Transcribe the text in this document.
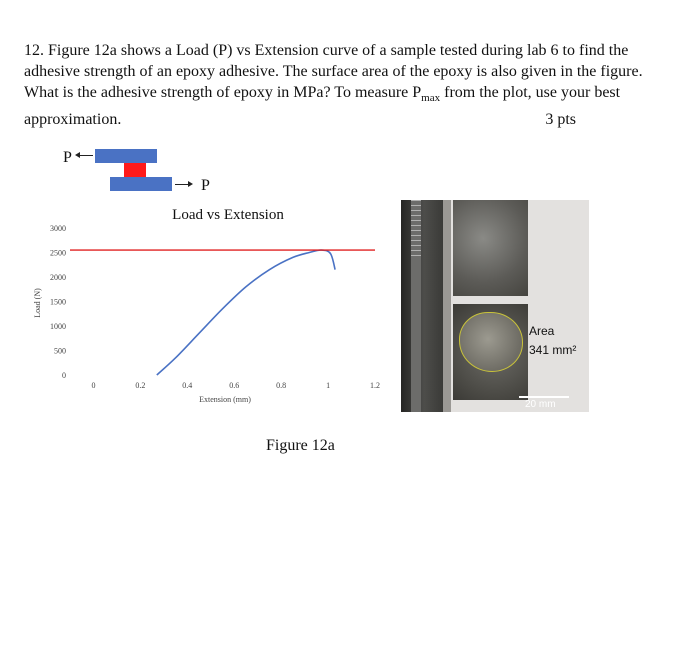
12. Figure 12a shows a Load (P) vs Extension curve of a sample tested during lab 6 to find the
adhesive strength of an epoxy adhesive. The surface area of the epoxy is also given in the figure.
What is the adhesive strength of epoxy in MPa? To measure $P_{max}$ from the plot, use your best
approximation.	3 pts
P
P
Load vs Extension
0
500
1000
1500
2000
2500
3000
0	0.2	0.4	0.6	0.8	1	1.2
Load (N)
Extension (mm)
Area
341 mm²
20 mm
Figure 12a
